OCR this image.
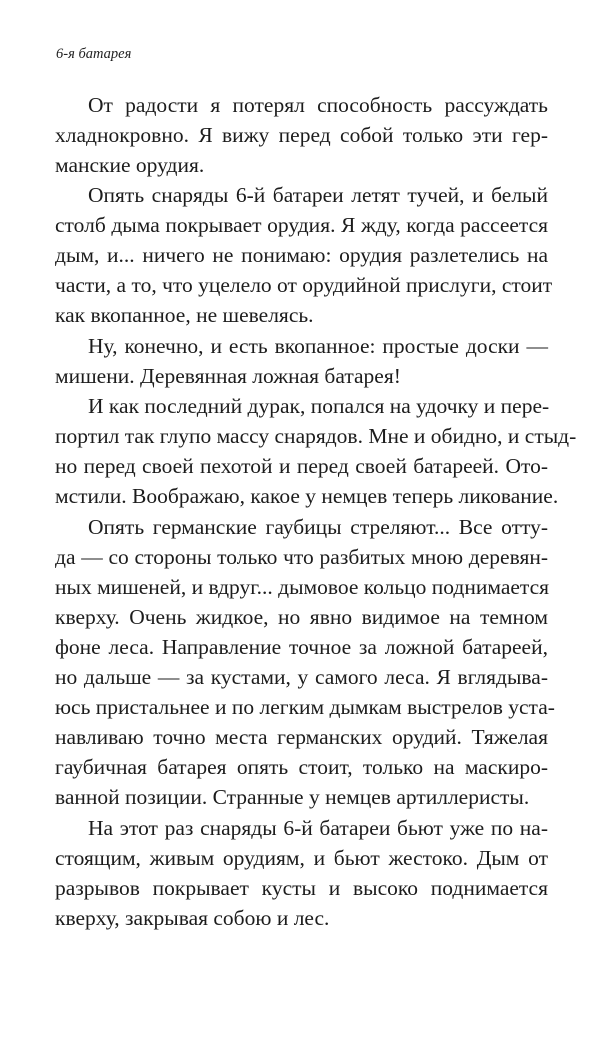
6-я батарея
От радости я потерял способность рассуждать
хладнокровно. Я вижу перед собой только эти гер-
манские орудия.
Опять снаряды 6-й батареи летят тучей, и белый
столб дыма покрывает орудия. Я жду, когда рассеется
дым, и... ничего не понимаю: орудия разлетелись на
части, а то, что уцелело от орудийной прислуги, стоит
как вкопанное, не шевелясь.
Ну, конечно, и есть вкопанное: простые доски —
мишени. Деревянная ложная батарея!
И как последний дурак, попался на удочку и пере-
портил так глупо массу снарядов. Мне и обидно, и стыд-
но перед своей пехотой и перед своей батареей. Ото-
мстили. Воображаю, какое у немцев теперь ликование.
Опять германские гаубицы стреляют... Все отту-
да — со стороны только что разбитых мною деревян-
ных мишеней, и вдруг... дымовое кольцо поднимается
кверху. Очень жидкое, но явно видимое на темном
фоне леса. Направление точное за ложной батареей,
но дальше — за кустами, у самого леса. Я вглядыва-
юсь пристальнее и по легким дымкам выстрелов уста-
навливаю точно места германских орудий. Тяжелая
гаубичная батарея опять стоит, только на маскиро-
ванной позиции. Странные у немцев артиллеристы.
На этот раз снаряды 6-й батареи бьют уже по на-
стоящим, живым орудиям, и бьют жестоко. Дым от
разрывов покрывает кусты и высоко поднимается
кверху, закрывая собою и лес.
